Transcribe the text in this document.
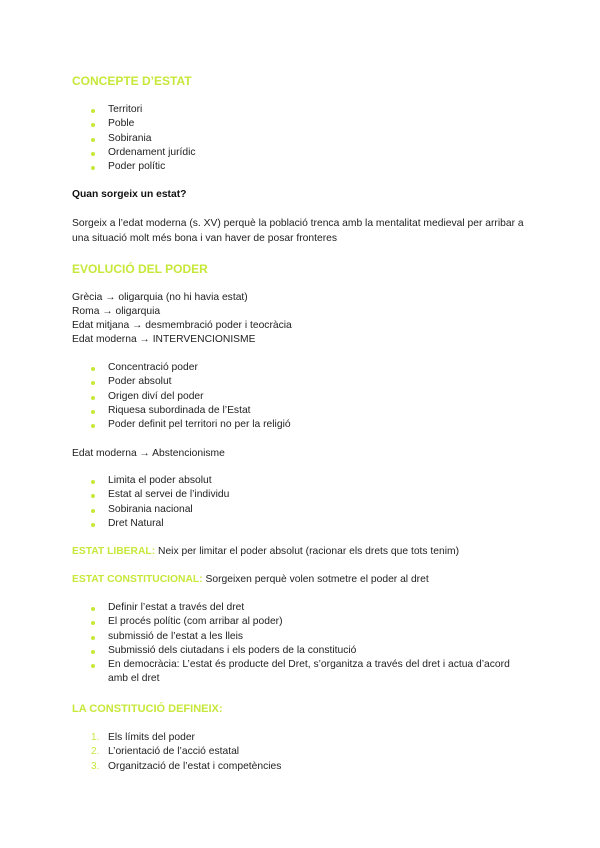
CONCEPTE D’ESTAT
Territori
Poble
Sobirania
Ordenament jurídic
Poder polític
Quan sorgeix un estat?
Sorgeix a l’edat moderna (s. XV) perquè la població trenca amb la mentalitat medieval per arribar a una situació molt més bona i van haver de posar fronteres
EVOLUCIÓ DEL PODER
Grècia → oligarquia (no hi havia estat)
Roma → oligarquia
Edat mitjana → desmembració poder i teocràcia
Edat moderna → INTERVENCIONISME
Concentració poder
Poder absolut
Origen diví del poder
Riquesa subordinada de l’Estat
Poder definit pel territori no per la religió
Edat moderna → Abstencionisme
Limita el poder absolut
Estat al servei de l’individu
Sobirania nacional
Dret Natural
ESTAT LIBERAL: Neix per limitar el poder absolut (racionar els drets que tots tenim)
ESTAT CONSTITUCIONAL: Sorgeixen perquè volen sotmetre el poder al dret
Definir l’estat a través del dret
El procés polític (com arribar al poder)
submissió de l’estat a les lleis
Submissió dels ciutadans i els poders de la constitució
En democràcia: L’estat és producte del Dret, s’organitza a través del dret i actua d’acord amb el dret
LA CONSTITUCIÓ DEFINEIX:
1. Els límits del poder
2. L’orientació de l’acció estatal
3. Organització de l’estat i competències
